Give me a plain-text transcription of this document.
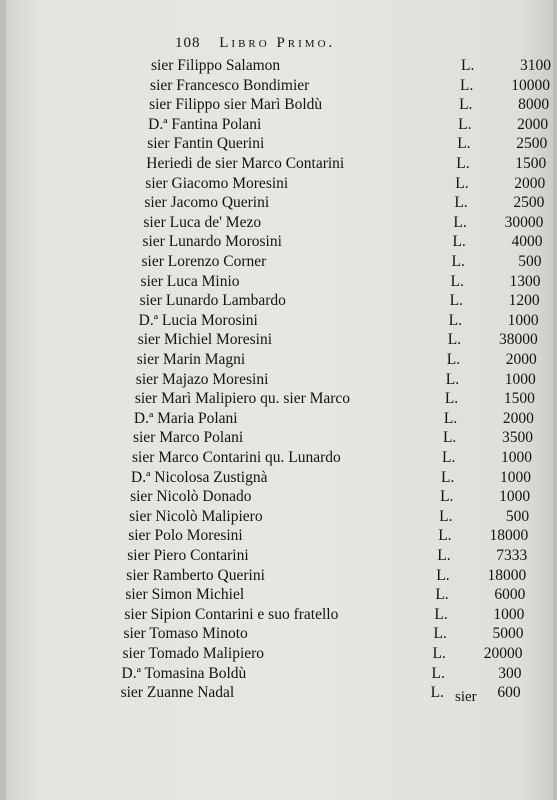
108 Libro Primo.
sier Filippo Salamon	L.	3100
sier Francesco Bondimier	L.	10000
sier Filippo sier Marì Boldù	L.	8000
D.ª Fantina Polani	L.	2000
sier Fantin Querini	L.	2500
Heriedi de sier Marco Contarini	L.	1500
sier Giacomo Moresini	L.	2000
sier Jacomo Querini	L.	2500
sier Luca de' Mezo	L.	30000
sier Lunardo Morosini	L.	4000
sier Lorenzo Corner	L.	500
sier Luca Minio	L.	1300
sier Lunardo Lambardo	L.	1200
D.ª Lucia Morosini	L.	1000
sier Michiel Moresini	L.	38000
sier Marin Magni	L.	2000
sier Majazo Moresini	L.	1000
sier Marì Malipiero qu. sier Marco	L.	1500
D.ª Maria Polani	L.	2000
sier Marco Polani	L.	3500
sier Marco Contarini qu. Lunardo	L.	1000
D.ª Nicolosa Zustignà	L.	1000
sier Nicolò Donado	L.	1000
sier Nicolò Malipiero	L.	500
sier Polo Moresini	L.	18000
sier Piero Contarini	L.	7333
sier Ramberto Querini	L.	18000
sier Simon Michiel	L.	6000
sier Sipion Contarini e suo fratello	L.	1000
sier Tomaso Minoto	L.	5000
sier Tomado Malipiero	L.	20000
D.ª Tomasina Boldù	L.	300
sier Zuanne Nadal	L.	600
sier
